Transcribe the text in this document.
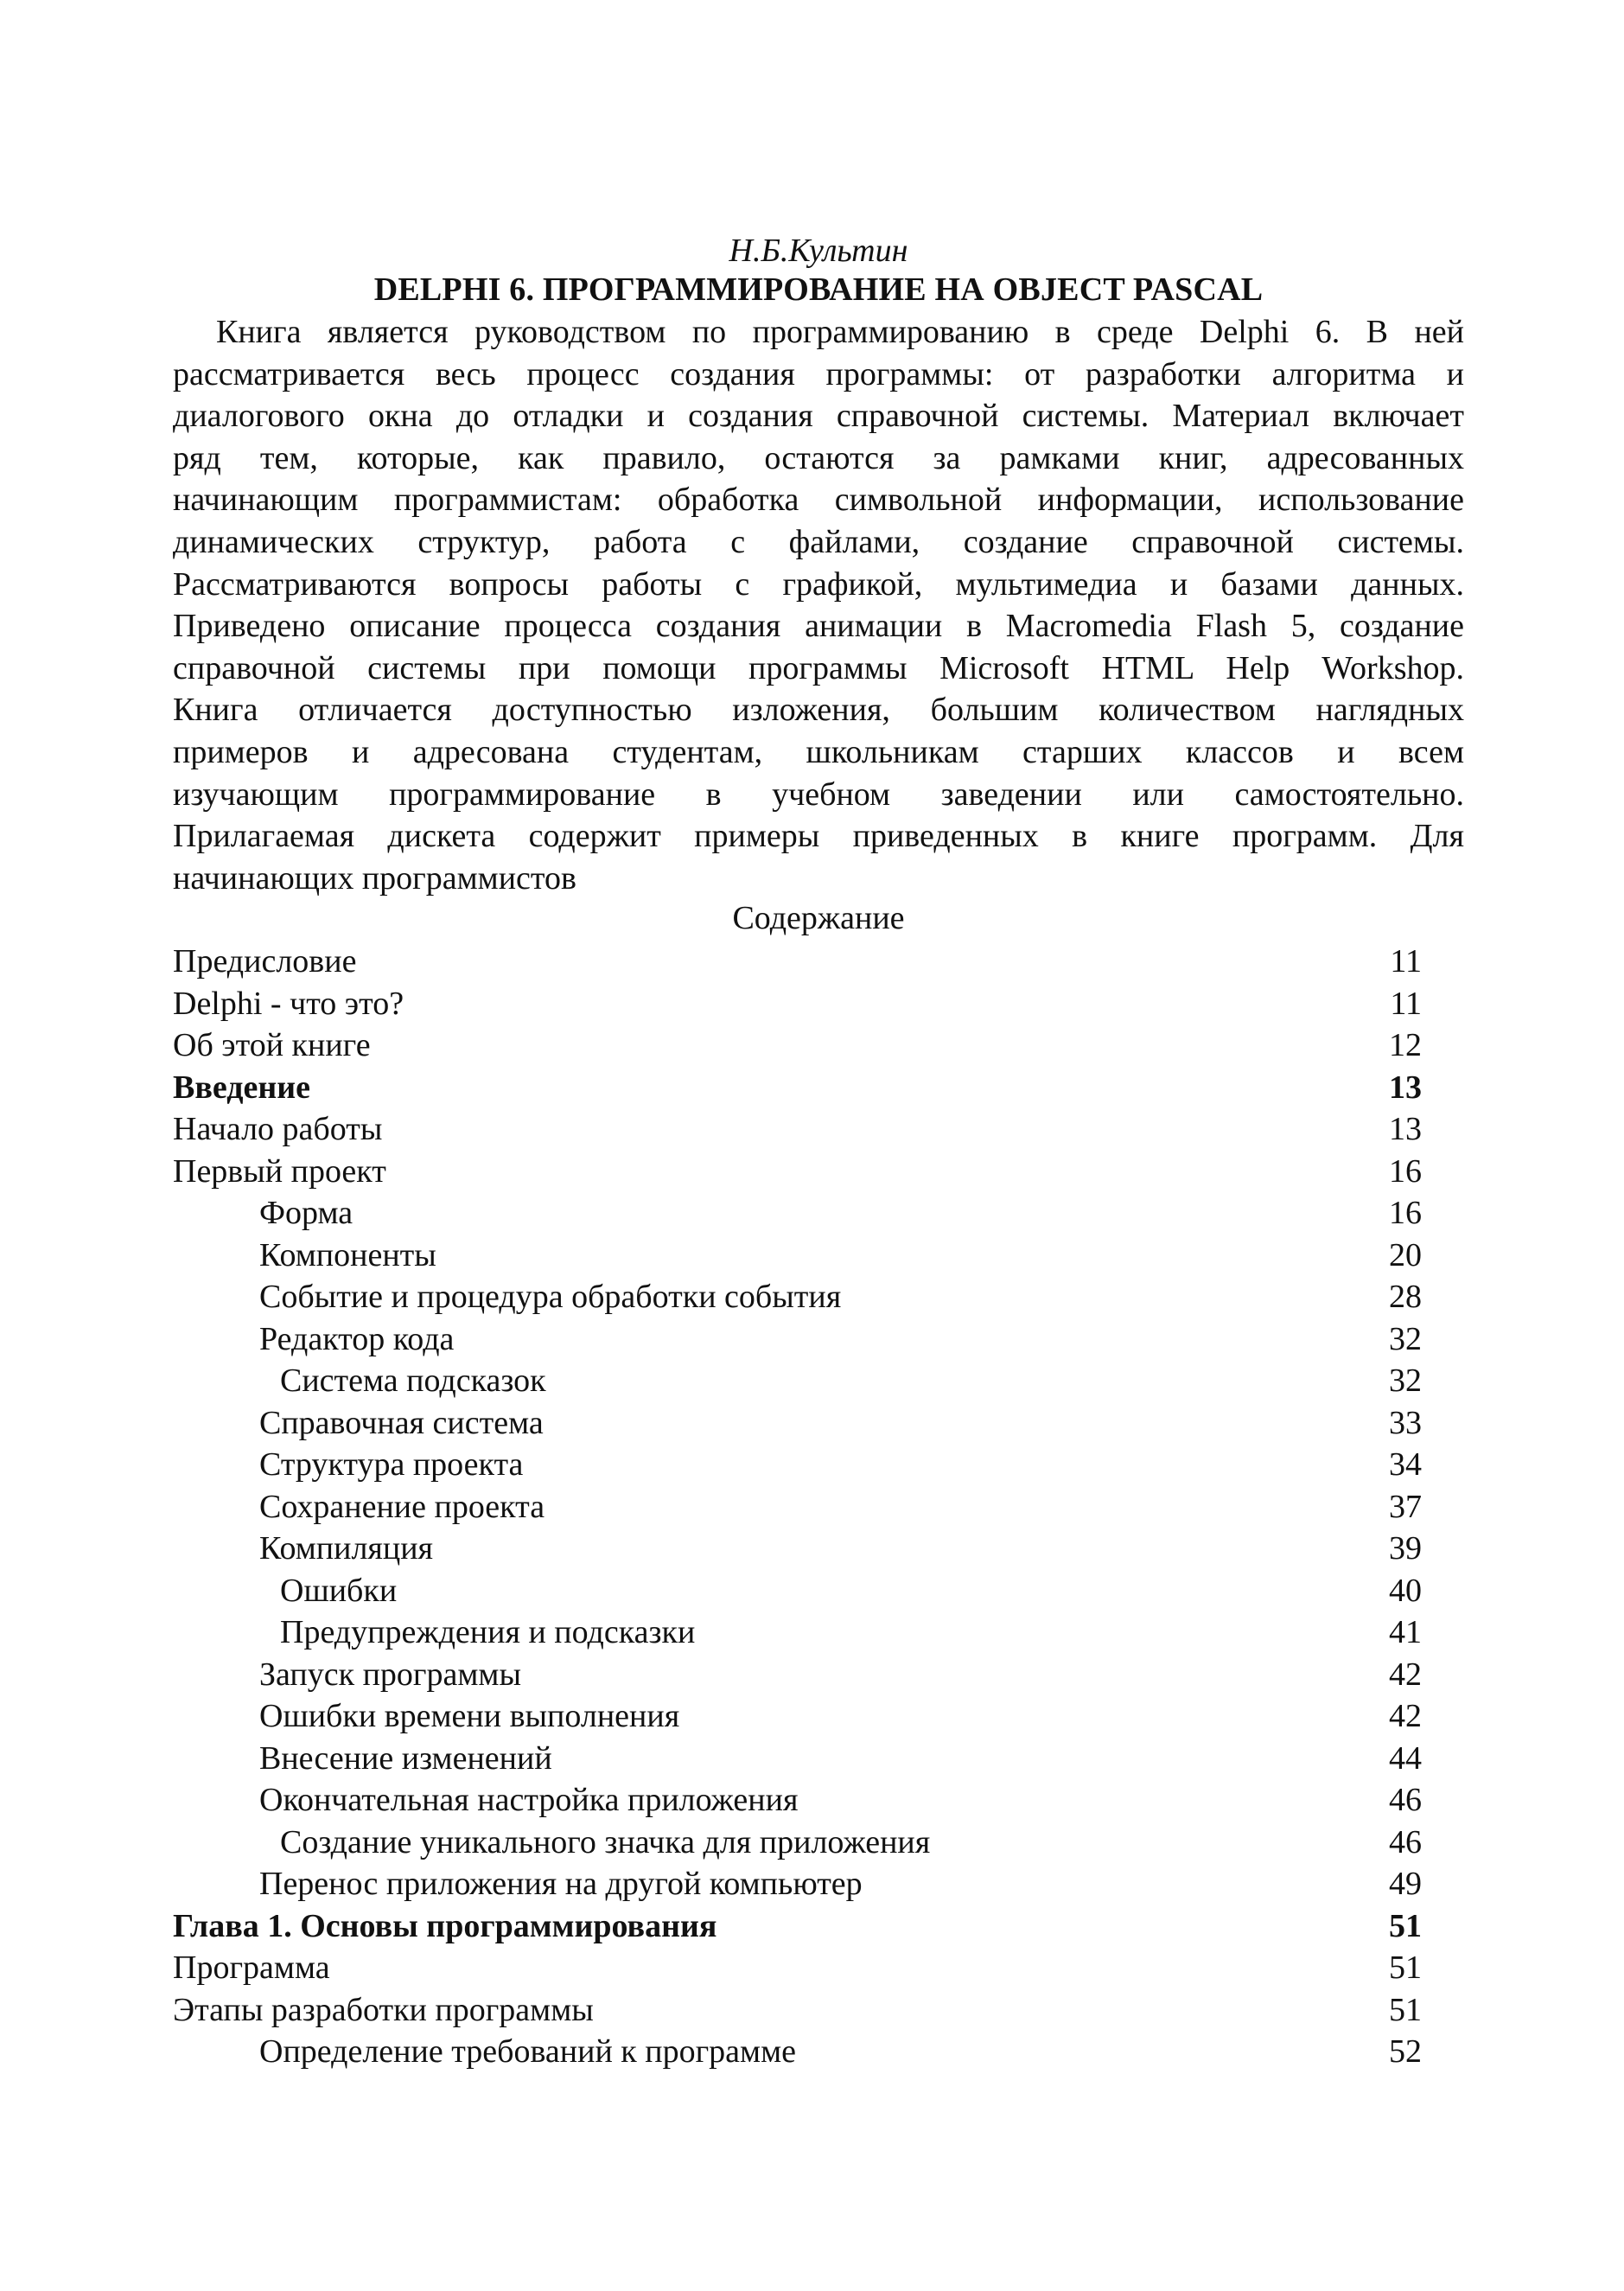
Н.Б.Культин
DELPHI 6. ПРОГРАММИРОВАНИЕ НА OBJECT PASCAL
Книга является руководством по программированию в среде Delphi 6. В ней
рассматривается весь процесс создания программы: от разработки алгоритма и
диалогового окна до отладки и создания справочной системы. Материал включает
ряд тем, которые, как правило, остаются за рамками книг, адресованных
начинающим программистам: обработка символьной информации, использование
динамических структур, работа с файлами, создание справочной системы.
Рассматриваются вопросы работы с графикой, мультимедиа и базами данных.
Приведено описание процесса создания анимации в Macromedia Flash 5, создание
справочной системы при помощи программы Microsoft HTML Help Workshop.
Книга отличается доступностью изложения, большим количеством наглядных
примеров и адресована студентам, школьникам старших классов и всем
изучающим программирование в учебном заведении или самостоятельно.
Прилагаемая дискета содержит примеры приведенных в книге программ. Для
начинающих программистов
Содержание
Предисловие	11
Delphi - что это?	11
Об этой книге	12
Введение	13
Начало работы	13
Первый проект	16
Форма	16
Компоненты	20
Событие и процедура обработки события	28
Редактор кода	32
Система подсказок	32
Справочная система	33
Структура проекта	34
Сохранение проекта	37
Компиляция	39
Ошибки	40
Предупреждения и подсказки	41
Запуск программы	42
Ошибки времени выполнения	42
Внесение изменений	44
Окончательная настройка приложения	46
Создание уникального значка для приложения	46
Перенос приложения на другой компьютер	49
Глава 1. Основы программирования	51
Программа	51
Этапы разработки программы	51
Определение требований к программе	52
